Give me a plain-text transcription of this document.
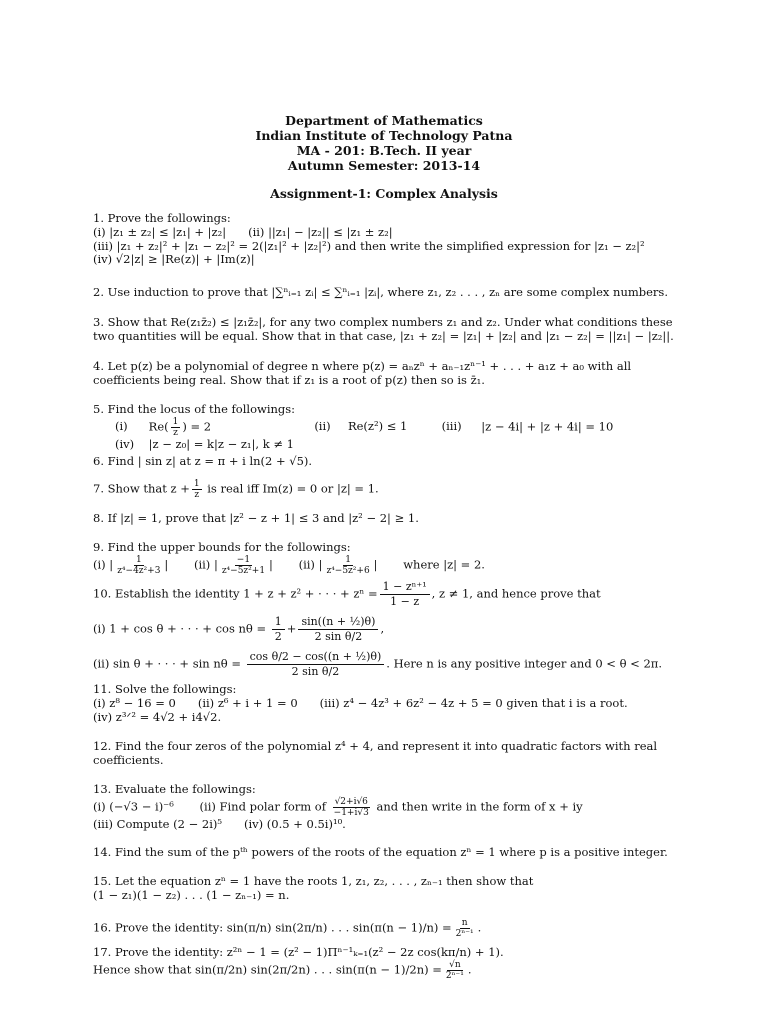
Department of Mathematics
Indian Institute of Technology Patna
MA - 201: B.Tech. II year
Autumn Semester: 2013-14
Assignment-1: Complex Analysis
1. Prove the followings:
(i) |z₁ ± z₂| ≤ |z₁| + |z₂| (ii) ||z₁| − |z₂|| ≤ |z₁ ± z₂|
(iii) |z₁ + z₂|² + |z₁ − z₂|² = 2(|z₁|² + |z₂|²) and then write the simplified expression for |z₁ − z₂|²
(iv) √2|z| ≥ |Re(z)| + |Im(z)|
2. Use induction to prove that |∑ⁿᵢ₌₁ zᵢ| ≤ ∑ⁿᵢ₌₁ |zᵢ|, where z₁, z₂ . . . , zₙ are some complex numbers.
3. Show that Re(z₁z̄₂) ≤ |z₁z̄₂|, for any two complex numbers z₁ and z₂. Under what conditions these two quantities will be equal. Show that in that case, |z₁ + z₂| = |z₁| + |z₂| and |z₁ − z₂| = ||z₁| − |z₂||.
4. Let p(z) be a polynomial of degree n where p(z) = aₙzⁿ + aₙ₋₁zⁿ⁻¹ + . . . + a₁z + a₀ with all coefficients being real. Show that if z₁ is a root of p(z) then so is z̄₁.
5. Find the locus of the followings:
(i) $Re( \frac{1}{z}$ ) = 2	(ii) Re(z²) ≤ 1	(iii) |z − 4i| + |z + 4i| = 10
(iv) |z − z₀| = k|z − z₁|, k ≠ 1
6. Find | sin z| at z = π + i ln(2 + √5).
7. Show that $z + \frac{1}{z}$ is real iff Im(z) = 0 or |z| = 1.
8. If |z| = 1, prove that |z² − z + 1| ≤ 3 and |z² − 2| ≥ 1.
9. Find the upper bounds for the followings:
(i) | $\frac{1}{\text{z⁴−4z²+3}}$ | (ii) | $\frac{-1}{\text{z⁴−5z²+1}}$ | (ii) | $\frac{1}{\text{z⁴−5z²+6}}$ | where |z| = 2.
10. Establish the identity 1 + z + z² + · · · + $z^n = \frac{\text{1 − zⁿ⁺¹}}{1 - z}$ , z ≠ 1, and hence prove that
(i) 1 + cos θ + · · · + $\cos n\theta = \frac{1}{2} + \frac{\text{sin((n + ½)θ)}}{\text{2 sin θ/2}}$ ,
(ii) sin θ + · · · + $\sin n\theta = \frac{\text{cos θ/2 − cos((n + ½)θ)}}{\text{2 sin θ/2}}$ . Here n is any positive integer and 0 < θ < 2π.
11. Solve the followings:
(i) z⁸ − 16 = 0 (ii) z⁶ + i + 1 = 0 (iii) z⁴ − 4z³ + 6z² − 4z + 5 = 0 given that i is a root.
(iv) z³ᐟ² = 4√2 + i4√2.
12. Find the four zeros of the polynomial z⁴ + 4, and represent it into quadratic factors with real coefficients.
13. Evaluate the followings:
(i) (−√3 − i)⁻⁶ (ii) Find polar form of $\frac{√2+i√6}{-1+i√3}$ and then write in the form of x + iy
(iii) Compute (2 − 2i)⁵ (iv) (0.5 + 0.5i)¹⁰.
14. Find the sum of the pᵗʰ powers of the roots of the equation zⁿ = 1 where p is a positive integer.
15. Let the equation zⁿ = 1 have the roots 1, z₁, z₂, . . . , zₙ₋₁ then show that
(1 − z₁)(1 − z₂) . . . (1 − zₙ₋₁) = n.
16. Prove the identity: sin(π/n) sin(2π/n) . . . $\sin(\pi(n - 1)/n) = \frac{n}{\text{2ⁿ⁻¹}}$ .
17. Prove the identity: z²ⁿ − 1 = (z² − 1)Πⁿ⁻¹ₖ₌₁(z² − 2z cos(kπ/n) + 1).
Hence show that sin(π/2n) sin(2π/2n) . . . $\sin(\pi(n - 1)/2n) = \frac{√n}{\text{2ⁿ⁻¹}}$ .
